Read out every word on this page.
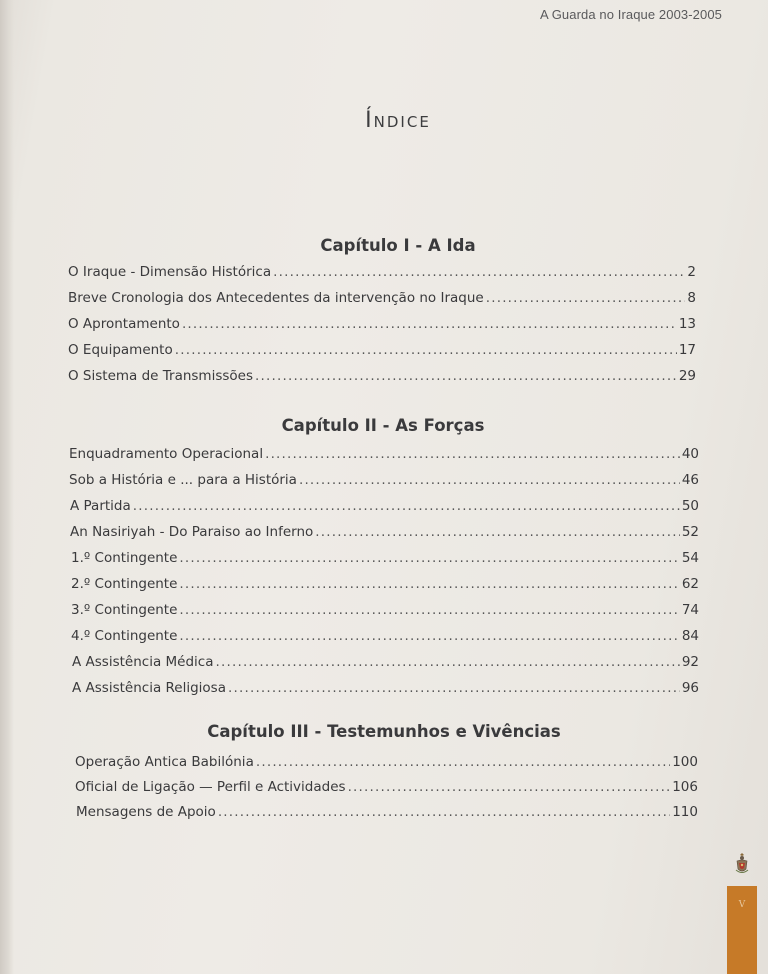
A Guarda no Iraque 2003-2005
Índice
Capítulo I - A Ida
O Iraque - Dimensão Histórica .....	2
Breve Cronologia dos Antecedentes da intervenção no Iraque .....	8
O Aprontamento .....	13
O Equipamento .....	17
O Sistema de Transmissões .....	29
Capítulo II - As Forças
Enquadramento Operacional .....	40
Sob a História e ... para a História .....	46
A Partida .....	50
An Nasiriyah - Do Paraiso ao Inferno .....	52
1.º Contingente .....	54
2.º Contingente .....	62
3.º Contingente .....	74
4.º Contingente .....	84
A Assistência Médica .....	92
A Assistência Religiosa .....	96
Capítulo III - Testemunhos e Vivências
Operação Antica Babilónia .....	100
Oficial de Ligação — Perfil e Actividades .....	106
Mensagens de Apoio .....	110
V
